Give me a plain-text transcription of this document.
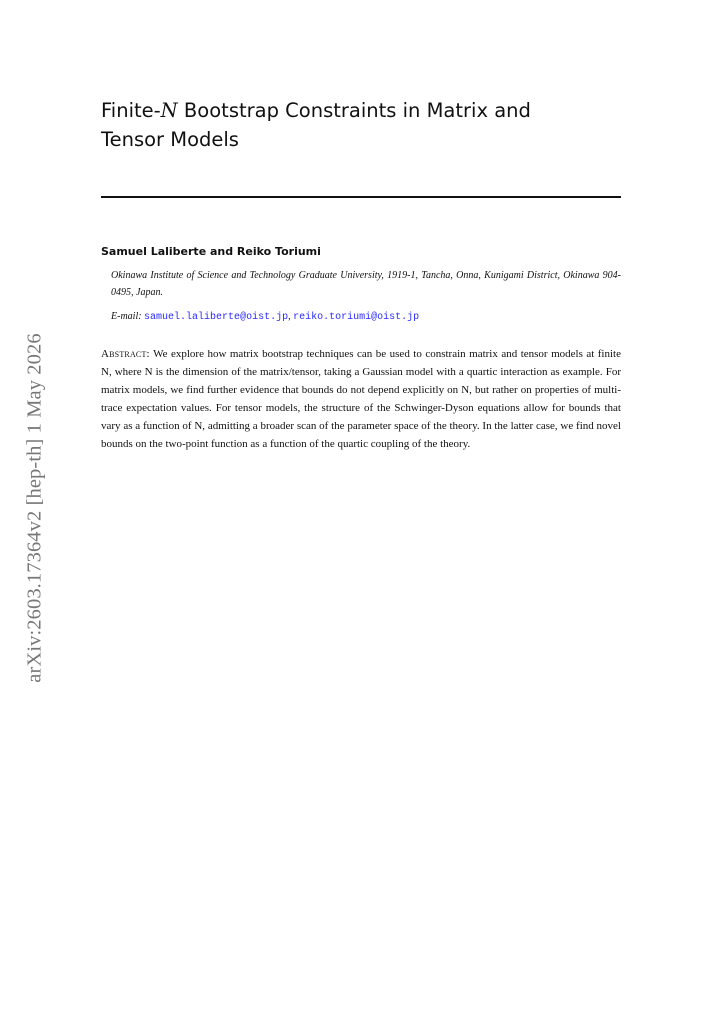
arXiv:2603.17364v2 [hep-th] 1 May 2026
Finite-N Bootstrap Constraints in Matrix and
Tensor Models
Samuel Laliberte and Reiko Toriumi

Okinawa Institute of Science and Technology Graduate University, 1919-1, Tancha, Onna, Kunigami District, Okinawa 904-0495, Japan.

E-mail: samuel.laliberte@oist.jp, reiko.toriumi@oist.jp

Abstract: We explore how matrix bootstrap techniques can be used to constrain matrix and tensor models at finite N, where N is the dimension of the matrix/tensor, taking a Gaussian model with a quartic interaction as example. For matrix models, we find further evidence that bounds do not depend explicitly on N, but rather on properties of multi-trace expectation values. For tensor models, the structure of the Schwinger-Dyson equations allow for bounds that vary as a function of N, admitting a broader scan of the parameter space of the theory. In the latter case, we find novel bounds on the two-point function as a function of the quartic coupling of the theory.
